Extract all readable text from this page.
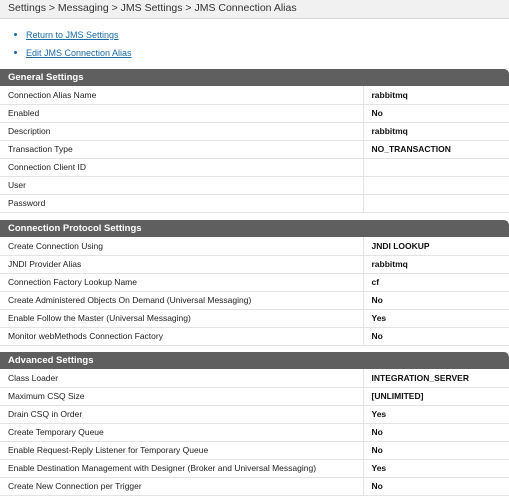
Settings > Messaging > JMS Settings > JMS Connection Alias
Return to JMS Settings
Edit JMS Connection Alias
General Settings
Connection Alias Name	rabbitmq
Enabled	No
Description	rabbitmq
Transaction Type	NO_TRANSACTION
Connection Client ID	
User	
Password	
Connection Protocol Settings
Create Connection Using	JNDI LOOKUP
JNDI Provider Alias	rabbitmq
Connection Factory Lookup Name	cf
Create Administered Objects On Demand (Universal Messaging)	No
Enable Follow the Master (Universal Messaging)	Yes
Monitor webMethods Connection Factory	No
Advanced Settings
Class Loader	INTEGRATION_SERVER
Maximum CSQ Size	[UNLIMITED]
Drain CSQ in Order	Yes
Create Temporary Queue	No
Enable Request-Reply Listener for Temporary Queue	No
Enable Destination Management with Designer (Broker and Universal Messaging)	Yes
Create New Connection per Trigger	No
